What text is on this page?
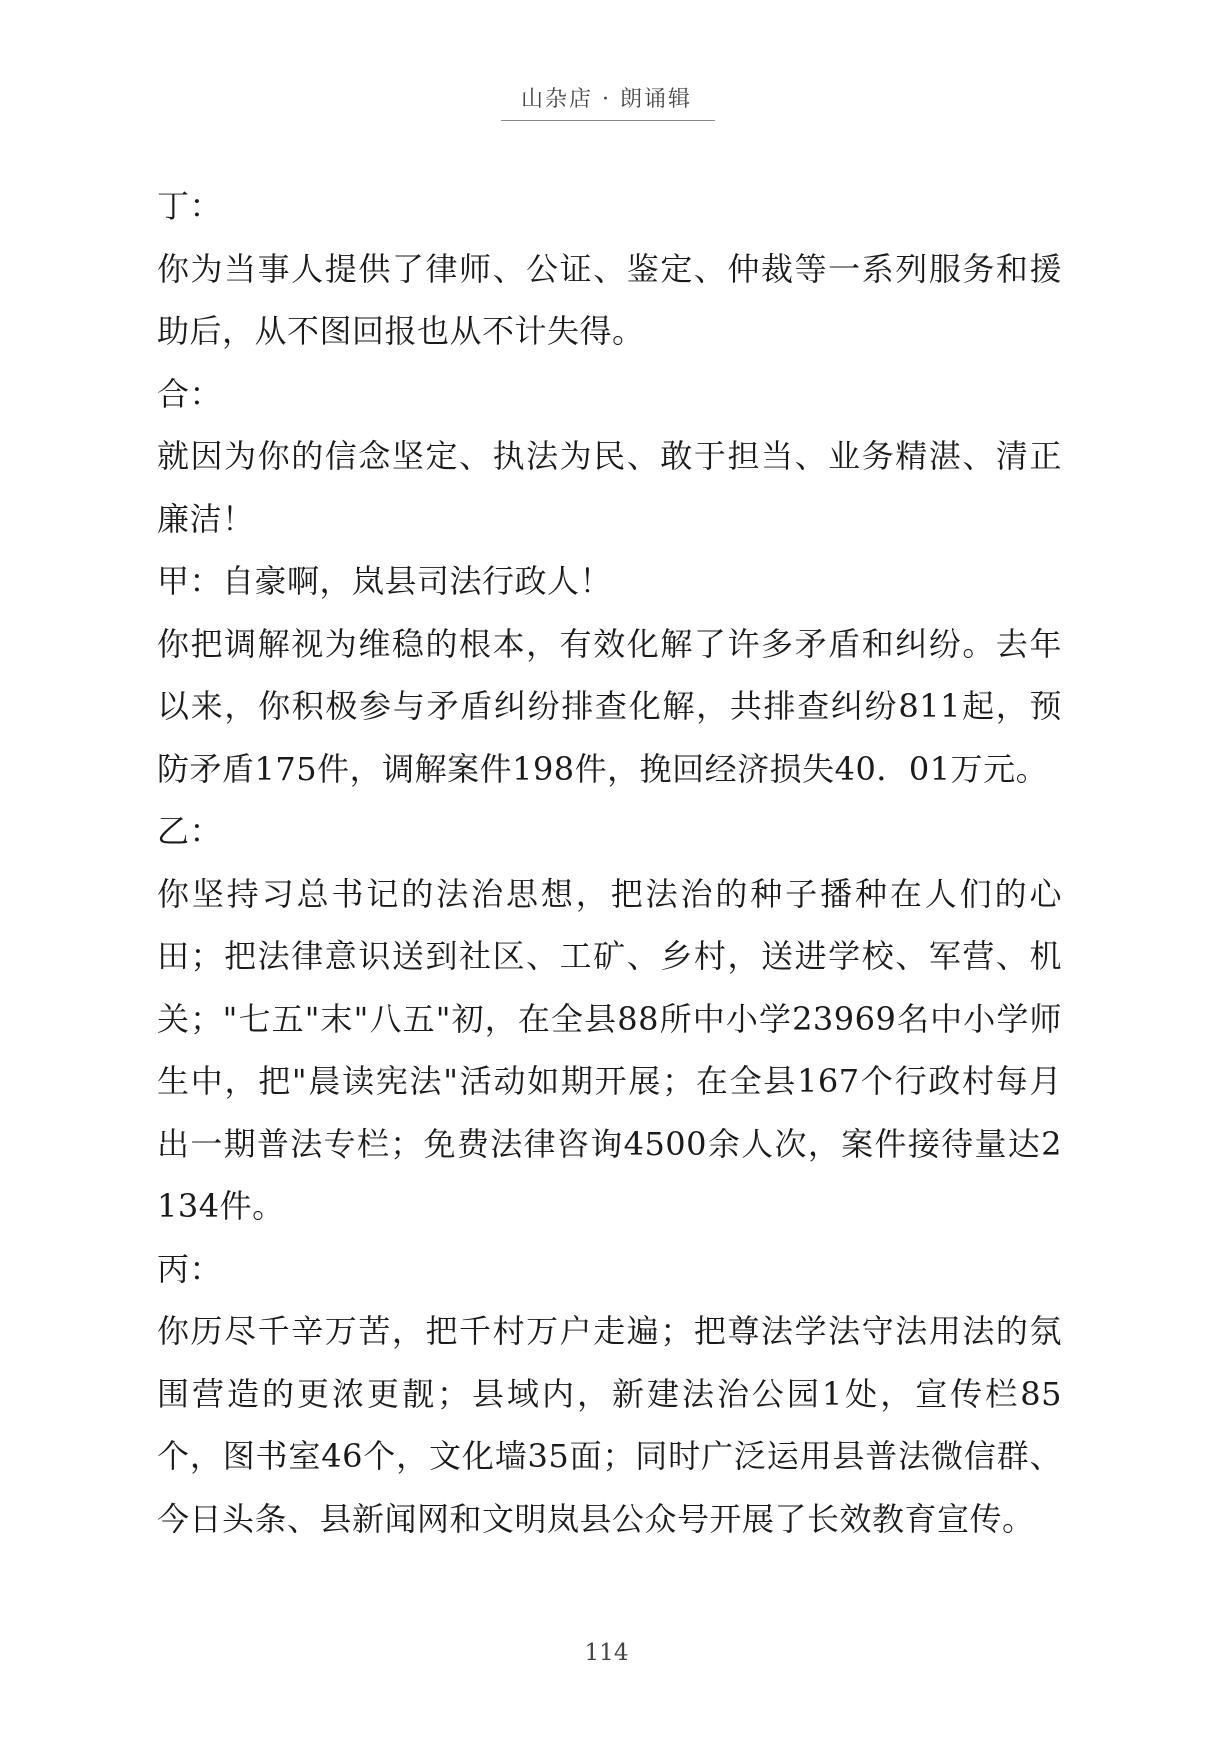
山杂店 · 朗诵辑

丁：

你为当事人提供了律师、公证、鉴定、仲裁等一系列服务和援助后，从不图回报也从不计失得。

合：

就因为你的信念坚定、执法为民、敢于担当、业务精湛、清正廉洁！

甲：自豪啊，岚县司法行政人！

你把调解视为维稳的根本，有效化解了许多矛盾和纠纷。去年以来，你积极参与矛盾纠纷排查化解，共排查纠纷811起，预防矛盾175件，调解案件198件，挽回经济损失40．01万元。

乙：

你坚持习总书记的法治思想，把法治的种子播种在人们的心田；把法律意识送到社区、工矿、乡村，送进学校、军营、机关；"七五"末"八五"初，在全县88所中小学23969名中小学师生中，把"晨读宪法"活动如期开展；在全县167个行政村每月出一期普法专栏；免费法律咨询4500余人次，案件接待量达2134件。

丙：

你历尽千辛万苦，把千村万户走遍；把尊法学法守法用法的氛围营造的更浓更靓；县域内，新建法治公园1处，宣传栏85个，图书室46个，文化墙35面；同时广泛运用县普法微信群、今日头条、县新闻网和文明岚县公众号开展了长效教育宣传。

114
